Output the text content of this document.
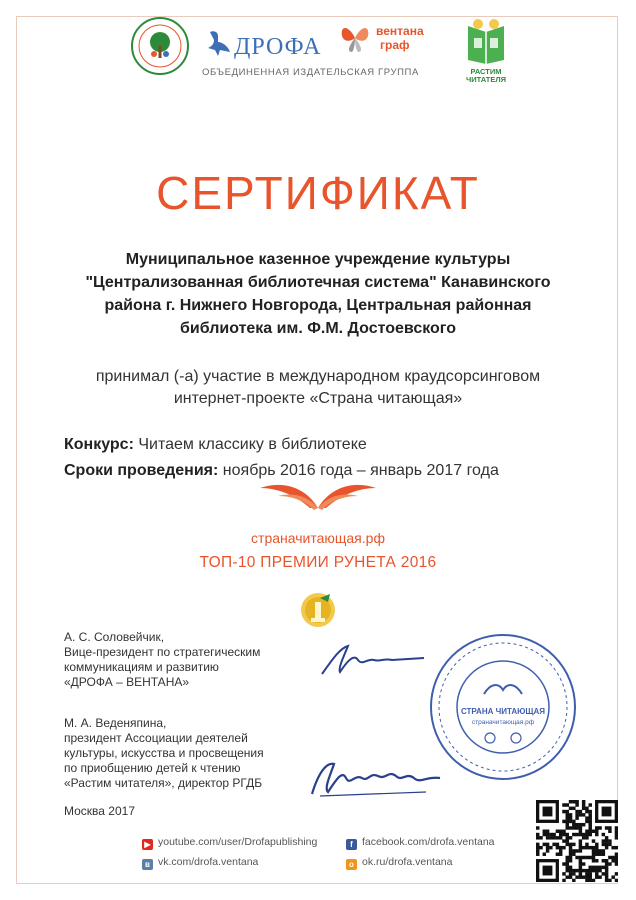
ДРОФА
вентана
граф
ОБЪЕДИНЕННАЯ ИЗДАТЕЛЬСКАЯ ГРУППА	РАСТИМ
ЧИТАТЕЛЯ
СЕРТИФИКАТ
Муниципальное казенное учреждение культуры
"Централизованная библиотечная система" Канавинского
района г. Нижнего Новгорода, Центральная районная
библиотека им. Ф.М. Достоевского
принимал (-а) участие в международном краудсорсинговом
интернет-проекте «Страна читающая»
Конкурс: Читаем классику в библиотеке
Сроки проведения: ноябрь 2016 года – январь 2017 года
страначитающая.рф
ТОП-10 ПРЕМИИ РУНЕТА 2016
А. С. Соловейчик,
Вице-президент по стратегическим
коммуникациям и развитию
«ДРОФА – ВЕНТАНА»
М. А. Веденяпина,
президент Ассоциации деятелей
культуры, искусства и просвещения
по приобщению детей к чтению
«Растим читателя», директор РГДБ
Москва 2017
СТРАНА ЧИТАЮЩАЯ
страначитающая.рф
▶ youtube.com/user/Drofapublishing	f facebook.com/drofa.ventana
в vk.com/drofa.ventana	о ok.ru/drofa.ventana
